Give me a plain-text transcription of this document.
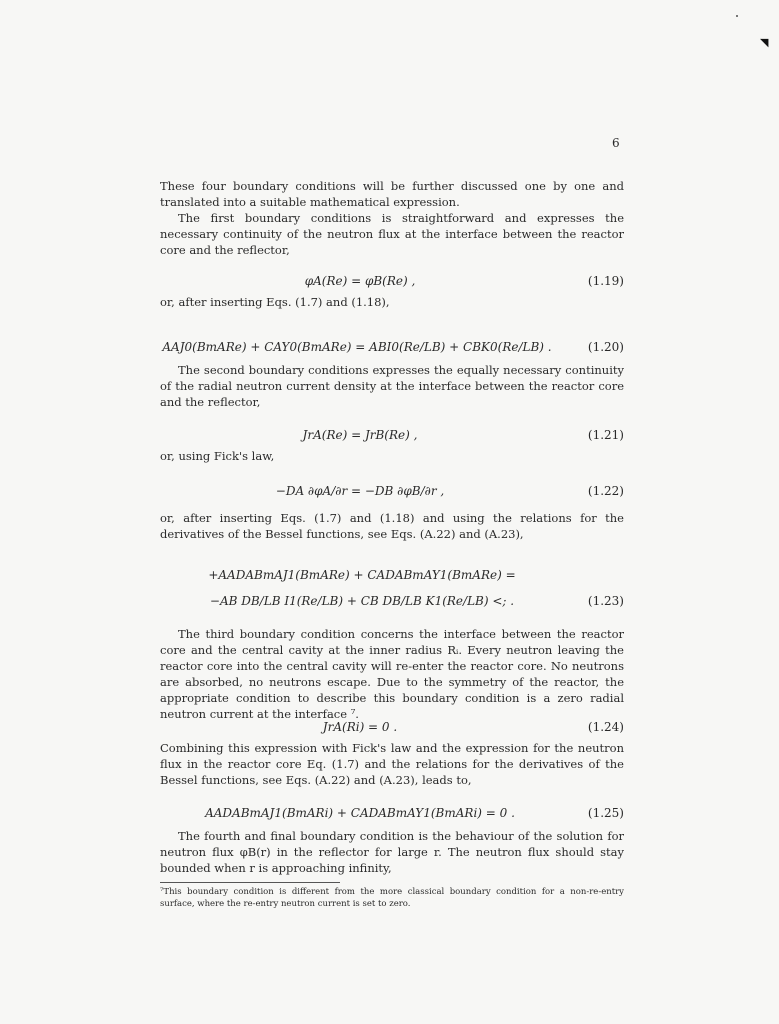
◥
6
These four boundary conditions will be further discussed one by one and translated into a suitable mathematical expression.
The first boundary conditions is straightforward and expresses the necessary continuity of the neutron flux at the interface between the reactor core and the reflector,
φA(Re) = φB(Re) ,	(1.19)
or, after inserting Eqs. (1.7) and (1.18),
AAJ0(BmARe) + CAY0(BmARe) = ABI0(Re/LB) + CBK0(Re/LB) .	(1.20)
The second boundary conditions expresses the equally necessary continuity of the radial neutron current density at the interface between the reactor core and the reflector,
JrA(Re) = JrB(Re) ,	(1.21)
or, using Fick's law,
−DA ∂φA/∂r = −DB ∂φB/∂r ,	(1.22)
or, after inserting Eqs. (1.7) and (1.18) and using the relations for the derivatives of the Bessel functions, see Eqs. (A.22) and (A.23),
+AADABmAJ1(BmARe) + CADABmAY1(BmARe) =
−AB DB/LB I1(Re/LB) + CB DB/LB K1(Re/LB) <; .	(1.23)
The third boundary condition concerns the interface between the reactor core and the central cavity at the inner radius Rᵢ. Every neutron leaving the reactor core into the central cavity will re-enter the reactor core. No neutrons are absorbed, no neutrons escape. Due to the symmetry of the reactor, the appropriate condition to describe this boundary condition is a zero radial neutron current at the interface ⁷.
JrA(Ri) = 0 .	(1.24)
Combining this expression with Fick's law and the expression for the neutron flux in the reactor core Eq. (1.7) and the relations for the derivatives of the Bessel functions, see Eqs. (A.22) and (A.23), leads to,
AADABmAJ1(BmARi) + CADABmAY1(BmARi) = 0 .	(1.25)
The fourth and final boundary condition is the behaviour of the solution for neutron flux φB(r) in the reflector for large r. The neutron flux should stay bounded when r is approaching infinity,
⁷This boundary condition is different from the more classical boundary condition for a non-re-entry surface, where the re-entry neutron current is set to zero.
